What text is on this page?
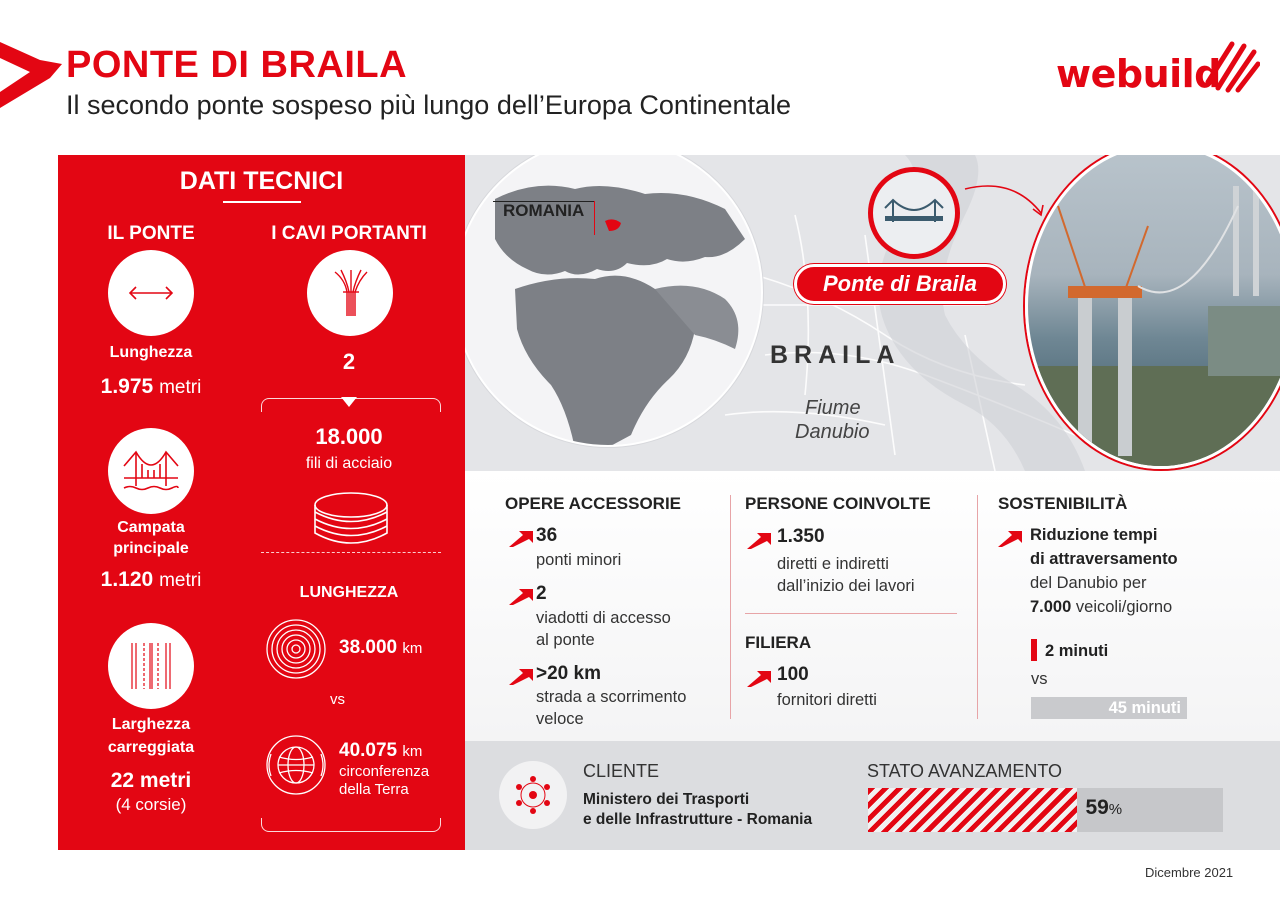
PONTE DI BRAILA
Il secondo ponte sospeso più lungo dell’Europa Continentale
webuild
DATI TECNICI
IL PONTE
Lunghezza
1.975 metri
Campata
principale
1.120 metri
Larghezza
carreggiata
22 metri
(4 corsie)
I CAVI PORTANTI
2
18.000
fili di acciaio
LUNGHEZZA
38.000 km
vs
40.075 km
circonferenza
della Terra
ROMANIA
BRAILA
Fiume
Danubio
Ponte di Braila
OPERE ACCESSORIE
36
ponti minori
2
viadotti di accesso
al ponte
>20 km
strada a scorrimento
veloce
PERSONE COINVOLTE
1.350
diretti e indiretti
dall’inizio dei lavori
FILIERA
100
fornitori diretti
SOSTENIBILITÀ
Riduzione tempi
di attraversamento
del Danubio per
7.000 veicoli/giorno
2 minuti
vs
45 minuti
CLIENTE
Ministero dei Trasporti
e delle Infrastrutture - Romania
STATO AVANZAMENTO
59%
Dicembre 2021
